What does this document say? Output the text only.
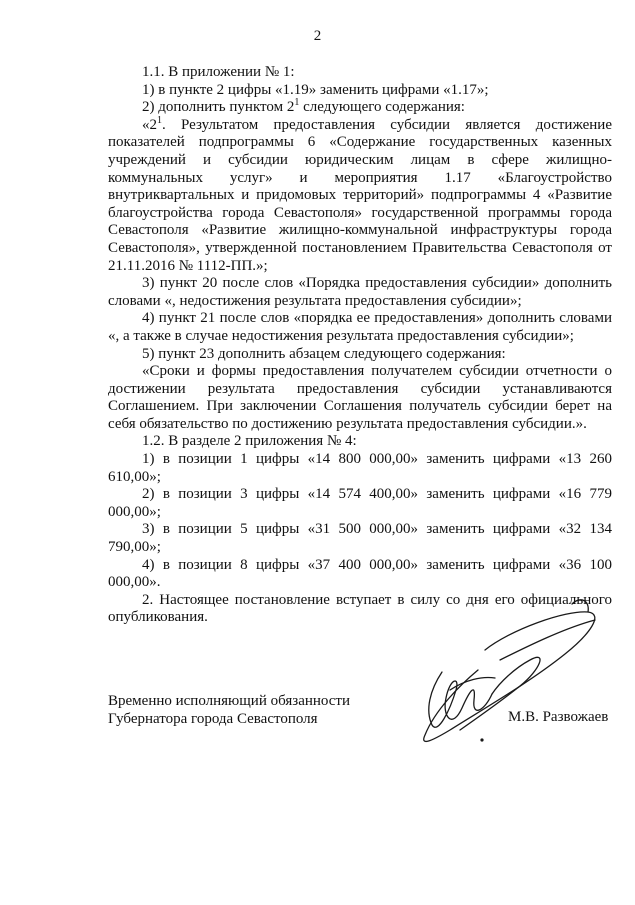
2

1.1. В приложении № 1:

1) в пункте 2 цифры «1.19» заменить цифрами «1.17»;

2) дополнить пунктом $2^1$ следующего содержания:

«$2^1$. Результатом предоставления субсидии является достижение показателей подпрограммы 6 «Содержание государственных казенных учреждений и субсидии юридическим лицам в сфере жилищно-коммунальных услуг» и мероприятия 1.17 «Благоустройство внутриквартальных и придомовых территорий» подпрограммы 4 «Развитие благоустройства города Севастополя» государственной программы города Севастополя «Развитие жилищно-коммунальной инфраструктуры города Севастополя», утвержденной постановлением Правительства Севастополя от 21.11.2016 № 1112-ПП.»;

3) пункт 20 после слов «Порядка предоставления субсидии» дополнить словами «, недостижения результата предоставления субсидии»;

4) пункт 21 после слов «порядка ее предоставления» дополнить словами «, а также в случае недостижения результата предоставления субсидии»;

5) пункт 23 дополнить абзацем следующего содержания:

«Сроки и формы предоставления получателем субсидии отчетности о достижении результата предоставления субсидии устанавливаются Соглашением. При заключении Соглашения получатель субсидии берет на себя обязательство по достижению результата предоставления субсидии.».

1.2. В разделе 2 приложения № 4:

1) в позиции 1 цифры «14 800 000,00» заменить цифрами «13 260 610,00»;

2) в позиции 3 цифры «14 574 400,00» заменить цифрами «16 779 000,00»;

3) в позиции 5 цифры «31 500 000,00» заменить цифрами «32 134 790,00»;

4) в позиции 8 цифры «37 400 000,00» заменить цифрами «36 100 000,00».

2. Настоящее постановление вступает в силу со дня его официального опубликования.

Временно исполняющий обязанности
Губернатора города Севастополя	М.В. Развожаев
